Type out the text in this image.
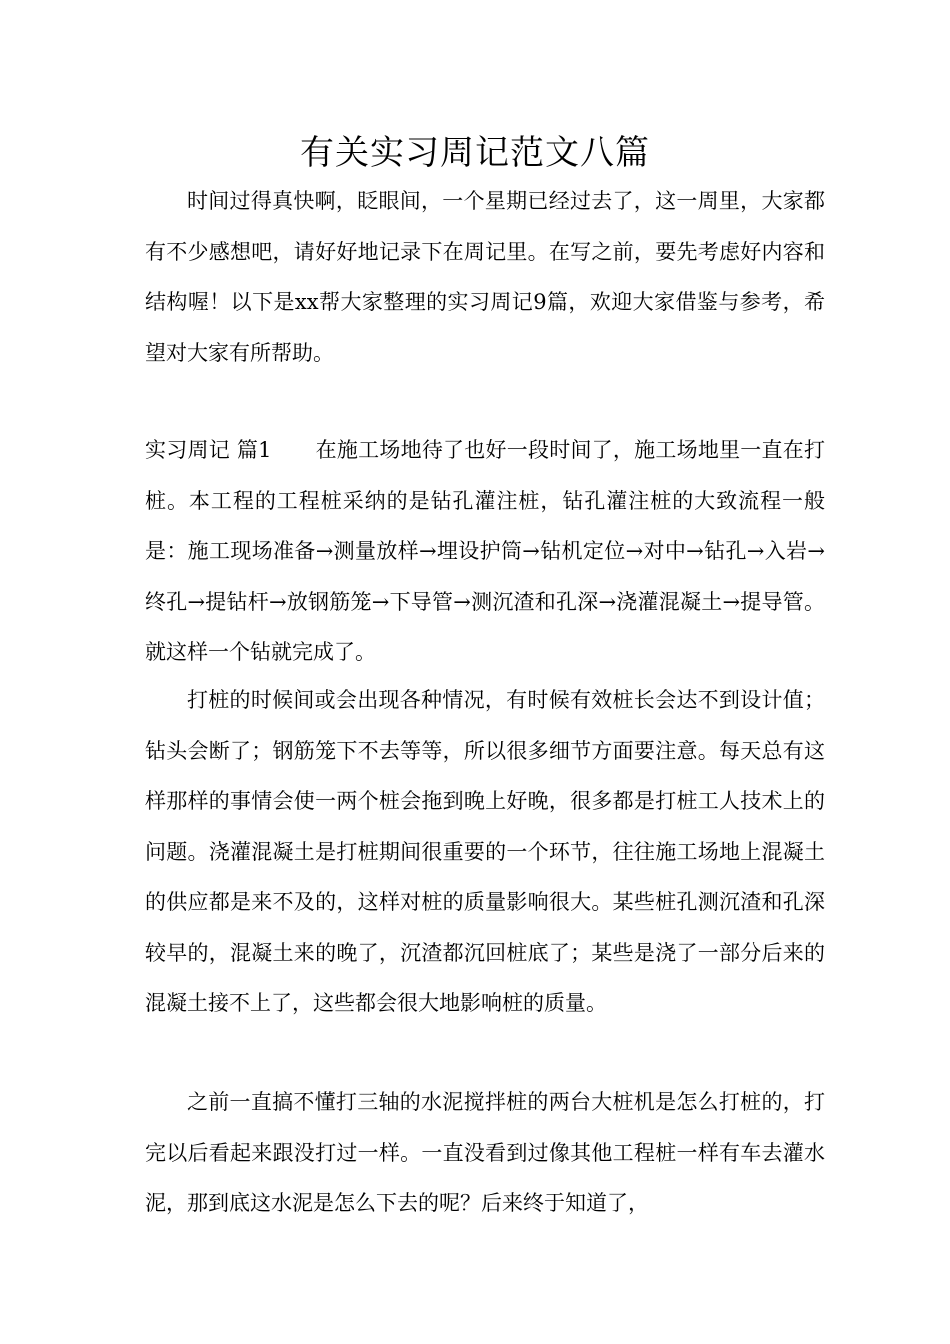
有关实习周记范文八篇

时间过得真快啊，眨眼间，一个星期已经过去了，这一周里，大家都有不少感想吧，请好好地记录下在周记里。在写之前，要先考虑好内容和结构喔！以下是xx帮大家整理的实习周记9篇，欢迎大家借鉴与参考，希望对大家有所帮助。

实习周记 篇1 在施工场地待了也好一段时间了，施工场地里一直在打桩。本工程的工程桩采纳的是钻孔灌注桩，钻孔灌注桩的大致流程一般是：施工现场准备→测量放样→埋设护筒→钻机定位→对中→钻孔→入岩→终孔→提钻杆→放钢筋笼→下导管→测沉渣和孔深→浇灌混凝土→提导管。就这样一个钻就完成了。

打桩的时候间或会出现各种情况，有时候有效桩长会达不到设计值；钻头会断了；钢筋笼下不去等等，所以很多细节方面要注意。每天总有这样那样的事情会使一两个桩会拖到晚上好晚，很多都是打桩工人技术上的问题。浇灌混凝土是打桩期间很重要的一个环节，往往施工场地上混凝土的供应都是来不及的，这样对桩的质量影响很大。某些桩孔测沉渣和孔深较早的，混凝土来的晚了，沉渣都沉回桩底了；某些是浇了一部分后来的混凝土接不上了，这些都会很大地影响桩的质量。

之前一直搞不懂打三轴的水泥搅拌桩的两台大桩机是怎么打桩的，打完以后看起来跟没打过一样。一直没看到过像其他工程桩一样有车去灌水泥，那到底这水泥是怎么下去的呢？后来终于知道了，
